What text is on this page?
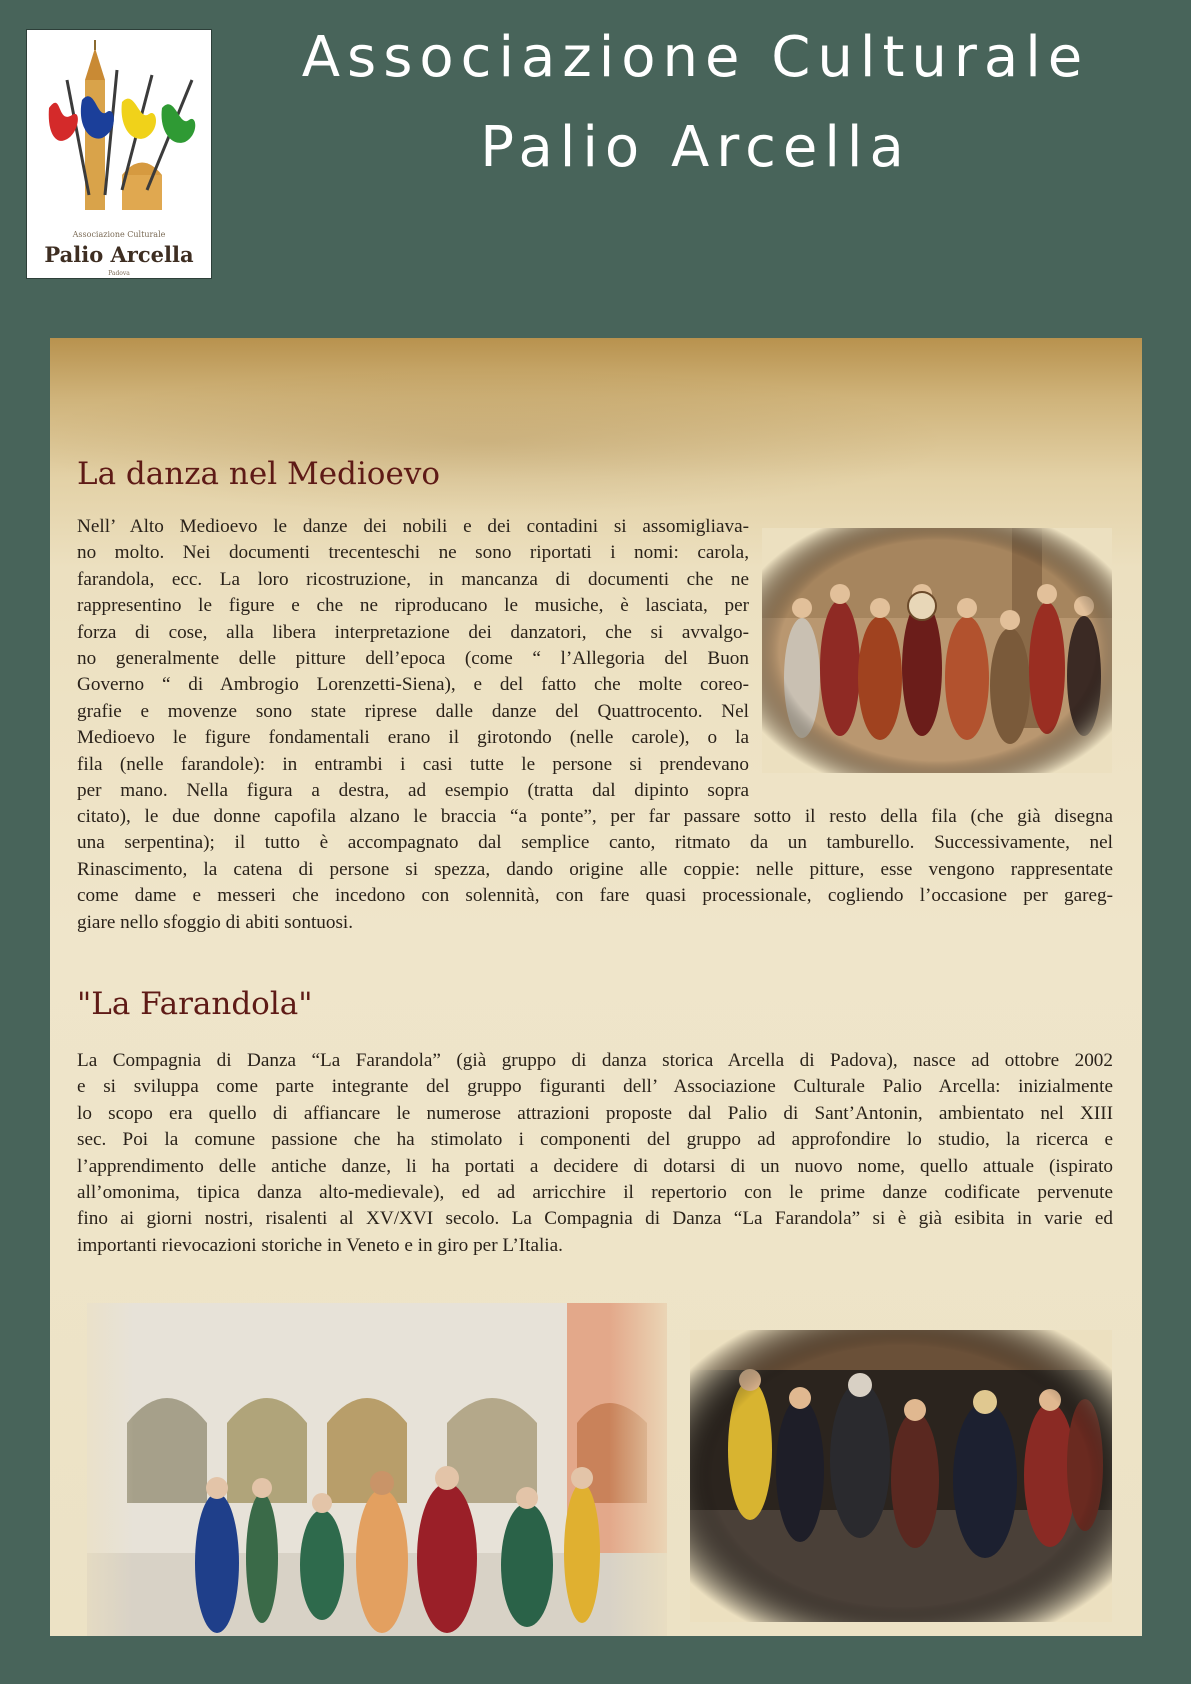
Associazione Culturale
Palio Arcella
Padova
Associazione Culturale
Palio Arcella
La danza nel Medioevo
Nell’ Alto Medioevo le danze dei nobili e dei contadini si assomigliava-
no molto. Nei documenti trecenteschi ne sono riportati i nomi: carola,
farandola, ecc. La loro ricostruzione, in mancanza di documenti che ne
rappresentino le figure e che ne riproducano le musiche, è lasciata, per
forza di cose, alla libera interpretazione dei danzatori, che si avvalgo-
no generalmente delle pitture dell’epoca (come “ l’Allegoria del Buon
Governo “ di Ambrogio Lorenzetti-Siena), e del fatto che molte coreo-
grafie e movenze sono state riprese dalle danze del Quattrocento. Nel
Medioevo le figure fondamentali erano il girotondo (nelle carole), o la
fila (nelle farandole): in entrambi i casi tutte le persone si prendevano
per mano. Nella figura a destra, ad esempio (tratta dal dipinto sopra
citato), le due donne capofila alzano le braccia “a ponte”, per far passare sotto il resto della fila (che già disegna
una serpentina); il tutto è accompagnato dal semplice canto, ritmato da un tamburello. Successivamente, nel
Rinascimento, la catena di persone si spezza, dando origine alle coppie: nelle pitture, esse vengono rappresentate
come dame e messeri che incedono con solennità, con fare quasi processionale, cogliendo l’occasione per gareg-
giare nello sfoggio di abiti sontuosi.
"La Farandola"
La Compagnia di Danza “La Farandola” (già gruppo di danza storica Arcella di Padova), nasce ad ottobre 2002
e si sviluppa come parte integrante del gruppo figuranti dell’ Associazione Culturale Palio Arcella: inizialmente
lo scopo era quello di affiancare le numerose attrazioni proposte dal Palio di Sant’Antonin, ambientato nel XIII
sec. Poi la comune passione che ha stimolato i componenti del gruppo ad approfondire lo studio, la ricerca e
l’apprendimento delle antiche danze, li ha portati a decidere di dotarsi di un nuovo nome, quello attuale (ispirato
all’omonima, tipica danza alto-medievale), ed ad arricchire il repertorio con le prime danze codificate pervenute
fino ai giorni nostri, risalenti al XV/XVI secolo. La Compagnia di Danza “La Farandola” si è già esibita in varie ed
importanti rievocazioni storiche in Veneto e in giro per L’Italia.
